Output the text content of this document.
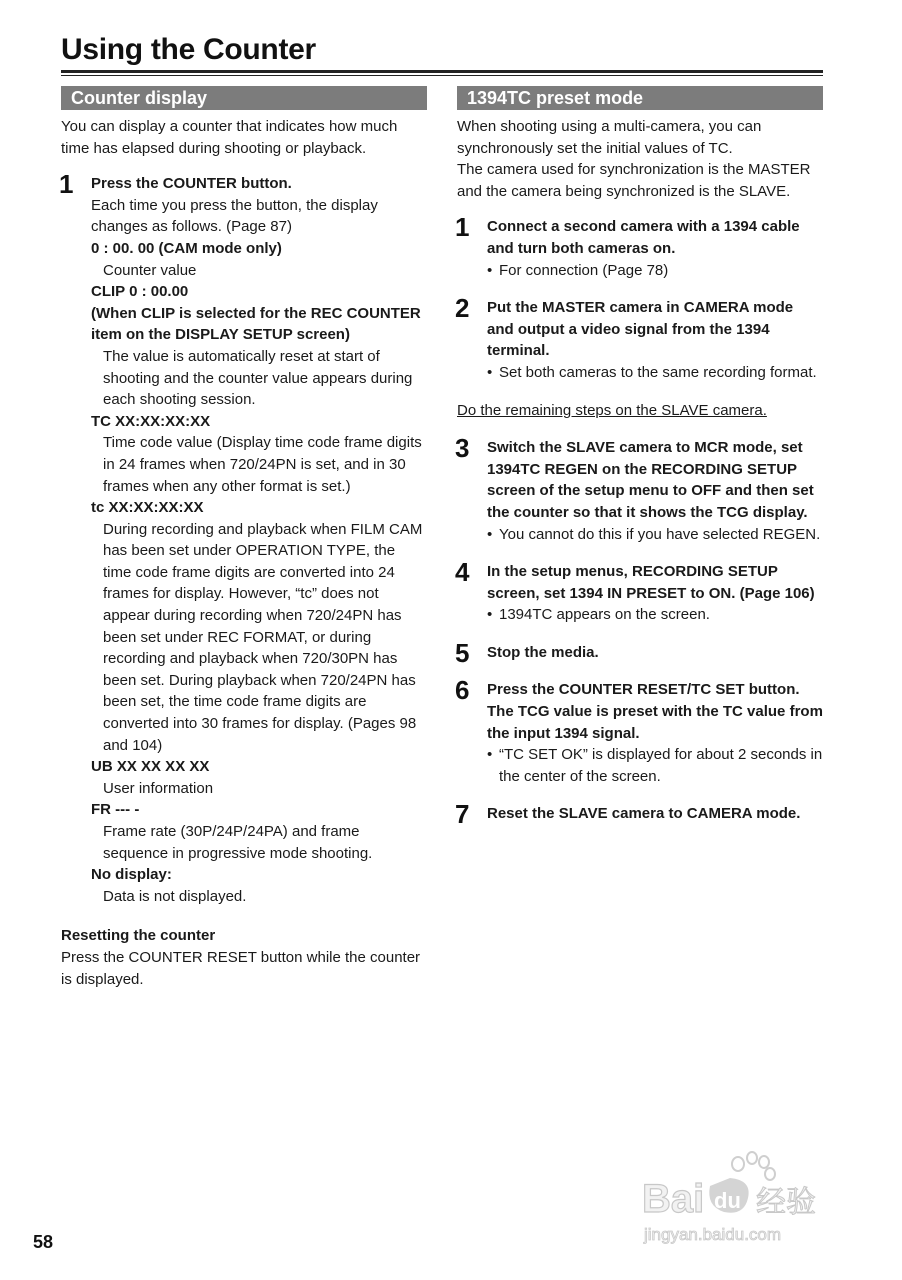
Using the Counter
Counter display

You can display a counter that indicates how much time has elapsed during shooting or playback.

1 Press the COUNTER button.

Each time you press the button, the display changes as follows. (Page 87)

0 : 00. 00 (CAM mode only)

Counter value

CLIP 0 : 00.00

(When CLIP is selected for the REC COUNTER item on the DISPLAY SETUP screen)

The value is automatically reset at start of shooting and the counter value appears during each shooting session.

TC XX:XX:XX:XX

Time code value (Display time code frame digits in 24 frames when 720/24PN is set, and in 30 frames when any other format is set.)

tc XX:XX:XX:XX

During recording and playback when FILM CAM has been set under OPERATION TYPE, the time code frame digits are converted into 24 frames for display. However, “tc” does not appear during recording when 720/24PN has been set under REC FORMAT, or during recording and playback when 720/30PN has been set. During playback when 720/24PN has been set, the time code frame digits are converted into 30 frames for display. (Pages 98 and 104)

UB XX XX XX XX

User information

FR --- -

Frame rate (30P/24P/24PA) and frame sequence in progressive mode shooting.

No display:

Data is not displayed.

Resetting the counter

Press the COUNTER RESET button while the counter is displayed.

1394TC preset mode

When shooting using a multi-camera, you can synchronously set the initial values of TC.

The camera used for synchronization is the MASTER and the camera being synchronized is the SLAVE.

1 Connect a second camera with a 1394 cable and turn both cameras on.

• For connection (Page 78)
2 Put the MASTER camera in CAMERA mode and output a video signal from the 1394 terminal.

• Set both cameras to the same recording format.

Do the remaining steps on the SLAVE camera.

3 Switch the SLAVE camera to MCR mode, set 1394TC REGEN on the RECORDING SETUP screen of the setup menu to OFF and then set the counter so that it shows the TCG display.

• You cannot do this if you have selected REGEN.
4 In the setup menus, RECORDING SETUP screen, set 1394 IN PRESET to ON. (Page 106)

• 1394TC appears on the screen.
5 Stop the media.

6 Press the COUNTER RESET/TC SET button. The TCG value is preset with the TC value from the input 1394 signal.

• “TC SET OK” is displayed for about 2 seconds in the center of the screen.
7 Reset the SLAVE camera to CAMERA mode.

Bai du 经验
jingyan.baidu.com
58
